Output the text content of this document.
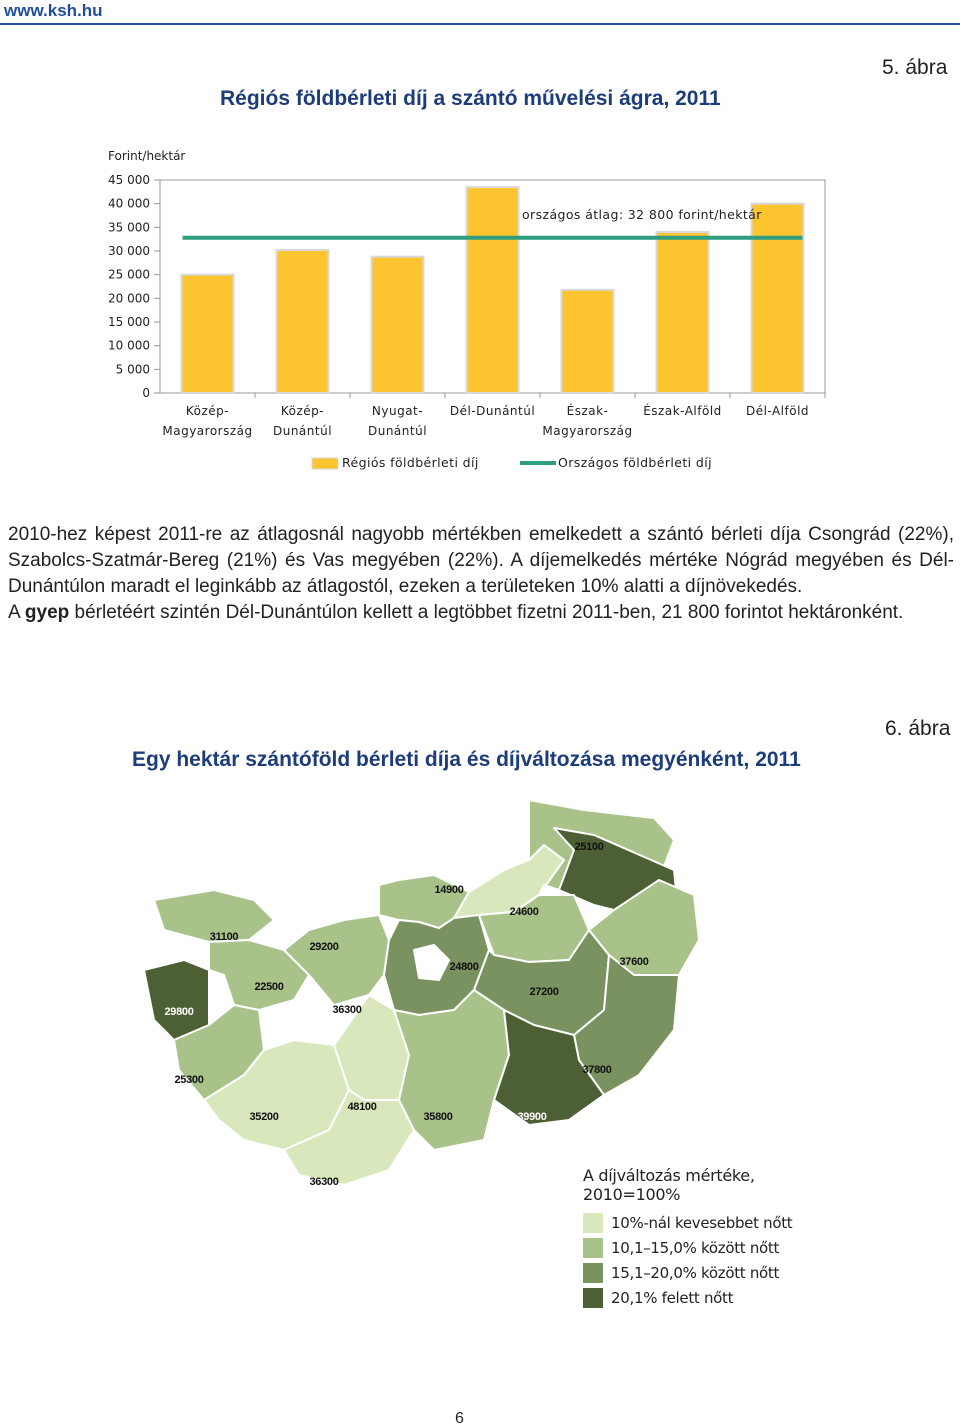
www.ksh.hu
5. ábra
Régiós földbérleti díj a szántó művelési ágra, 2011
Forint/hektár
45 000
40 000
35 000
30 000
25 000
20 000
15 000
10 000
5 000
0
Közép-
Magyarország
Közép-
Dunántúl
Nyugat-
Dunántúl
Dél-Dunántúl	Észak-
Magyarország
Észak-Alföld Dél-Alföld
országos átlag: 32 800 forint/hektár
Régiós földbérleti díj	Országos földbérleti díj

2010-hez képest 2011-re az átlagosnál nagyobb mértékben emelkedett a szántó bérleti díja Csongrád (22%), Szabolcs-Szatmár-Bereg (21%) és Vas megyében (22%). A díjemelkedés mértéke Nógrád megyében és Dél-Dunántúlon maradt el leginkább az átlagostól, ezeken a területeken 10% alatti a díjnövekedés.

A gyep bérletéért szintén Dél-Dunántúlon kellett a legtöbbet fizetni 2011-ben, 21 800 forintot hektáronként.

6. ábra
Egy hektár szántóföld bérleti díja és díjváltozása megyénként, 2011
25100
40800
14900
24600
31100
29200
24800	37600
27200
29800
22500
36300
37800
25300
48100
35800	39900
35200
36300	A díjváltozás mértéke, 2010=100%
10%-nál kevesebbet nőtt
10,1–15,0% között nőtt
15,1–20,0% között nőtt
20,1% felett nőtt
6
